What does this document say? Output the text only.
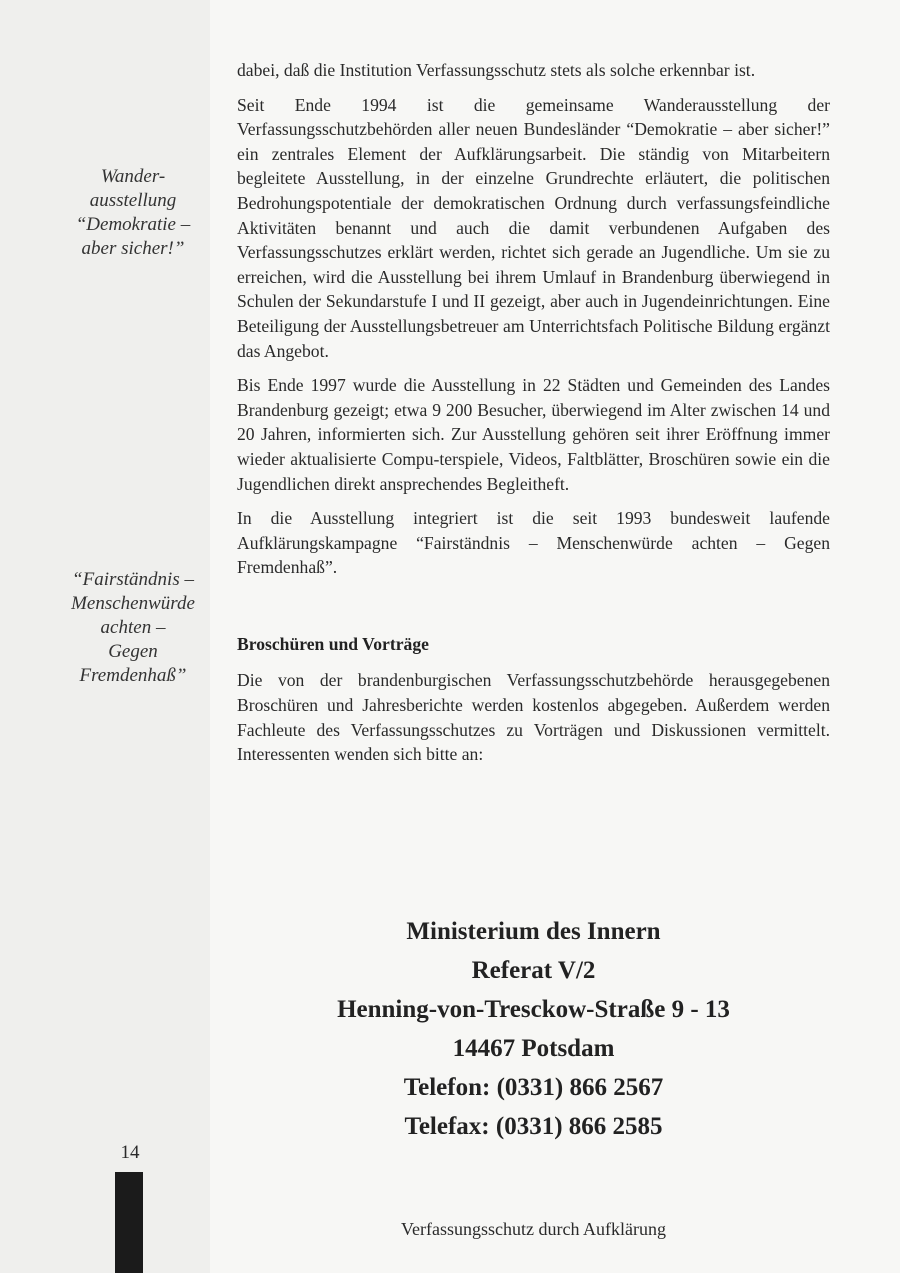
Wander-
ausstellung
“Demokratie –
aber sicher!”
“Fairständnis –
Menschenwürde
achten –
Gegen
Fremdenhaß”

dabei, daß die Institution Verfassungsschutz stets als solche erkennbar ist.

Seit Ende 1994 ist die gemeinsame Wanderausstellung der Verfassungsschutzbehörden aller neuen Bundesländer “Demokratie – aber sicher!” ein zentrales Element der Aufklärungsarbeit. Die ständig von Mitarbeitern begleitete Ausstellung, in der einzelne Grundrechte erläutert, die politischen Bedrohungspotentiale der demokratischen Ordnung durch verfassungsfeindliche Aktivitäten benannt und auch die damit verbundenen Aufgaben des Verfassungsschutzes erklärt werden, richtet sich gerade an Jugendliche. Um sie zu erreichen, wird die Ausstellung bei ihrem Umlauf in Brandenburg überwiegend in Schulen der Sekundarstufe I und II gezeigt, aber auch in Jugendeinrichtungen. Eine Beteiligung der Ausstellungsbetreuer am Unterrichtsfach Politische Bildung ergänzt das Angebot.

Bis Ende 1997 wurde die Ausstellung in 22 Städten und Gemeinden des Landes Brandenburg gezeigt; etwa 9 200 Besucher, überwiegend im Alter zwischen 14 und 20 Jahren, informierten sich. Zur Ausstellung gehören seit ihrer Eröffnung immer wieder aktualisierte Compu-terspiele, Videos, Faltblätter, Broschüren sowie ein die Jugendlichen direkt ansprechendes Begleitheft.

In die Ausstellung integriert ist die seit 1993 bundesweit laufende Aufklärungskampagne “Fairständnis – Menschenwürde achten – Gegen Fremdenhaß”.

Broschüren und Vorträge

Die von der brandenburgischen Verfassungsschutzbehörde herausgegebenen Broschüren und Jahresberichte werden kostenlos abgegeben. Außerdem werden Fachleute des Verfassungsschutzes zu Vorträgen und Diskussionen vermittelt. Interessenten wenden sich bitte an:

Ministerium des Innern
Referat V/2
Henning-von-Tresckow-Straße 9 - 13
14467 Potsdam
Telefon: (0331) 866 2567
Telefax: (0331) 866 2585
14
Verfassungsschutz durch Aufklärung
